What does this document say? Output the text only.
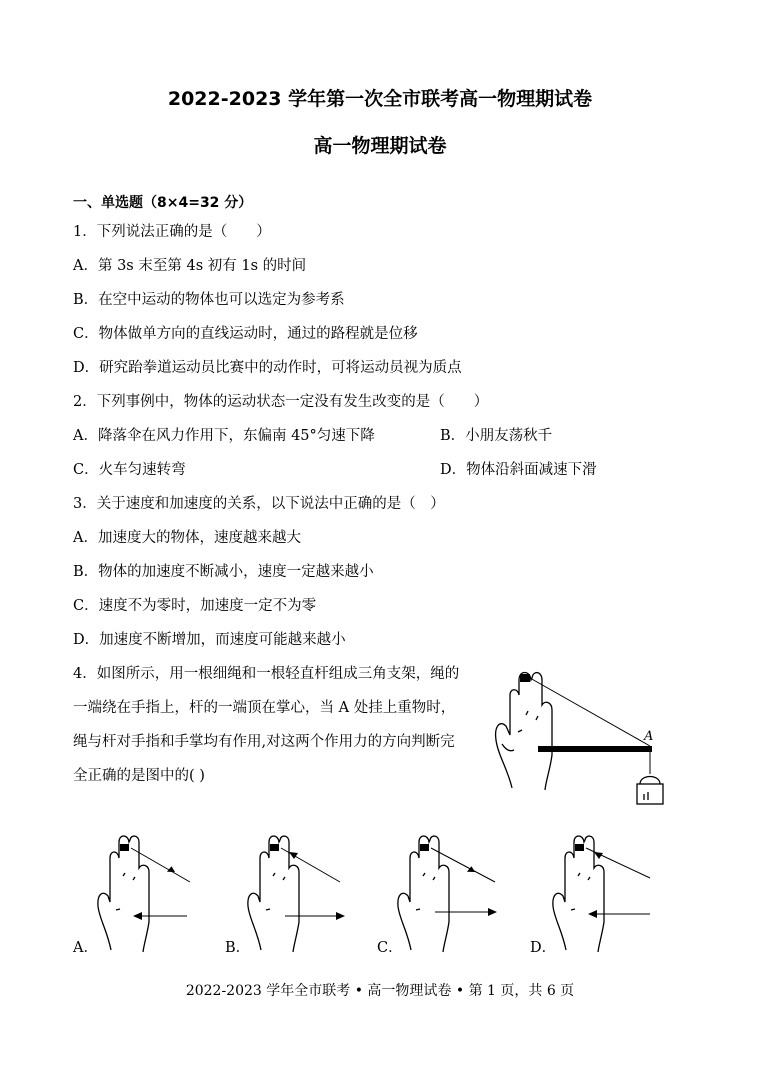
2022-2023 学年第一次全市联考高一物理期试卷
高一物理期试卷
一、单选题（8×4=32 分）
1．下列说法正确的是（　　）
A．第 3s 末至第 4s 初有 1s 的时间
B．在空中运动的物体也可以选定为参考系
C．物体做单方向的直线运动时，通过的路程就是位移
D．研究跆拳道运动员比赛中的动作时，可将运动员视为质点
2．下列事例中，物体的运动状态一定没有发生改变的是（　　）
A．降落伞在风力作用下，东偏南 45°匀速下降	B．小朋友荡秋千
C．火车匀速转弯	D．物体沿斜面减速下滑
3．关于速度和加速度的关系，以下说法中正确的是（　）
A．加速度大的物体，速度越来越大
B．物体的加速度不断减小，速度一定越来越小
C．速度不为零时，加速度一定不为零
D．加速度不断增加，而速度可能越来越小
4．如图所示，用一根细绳和一根轻直杆组成三角支架，绳的
一端绕在手指上，杆的一端顶在掌心，当 A 处挂上重物时，
绳与杆对手指和手掌均有作用,对这两个作用力的方向判断完
全正确的是图中的( )
A
A．	B．	C．	D．
2022-2023 学年全市联考 • 高一物理试卷 • 第 1 页，共 6 页
